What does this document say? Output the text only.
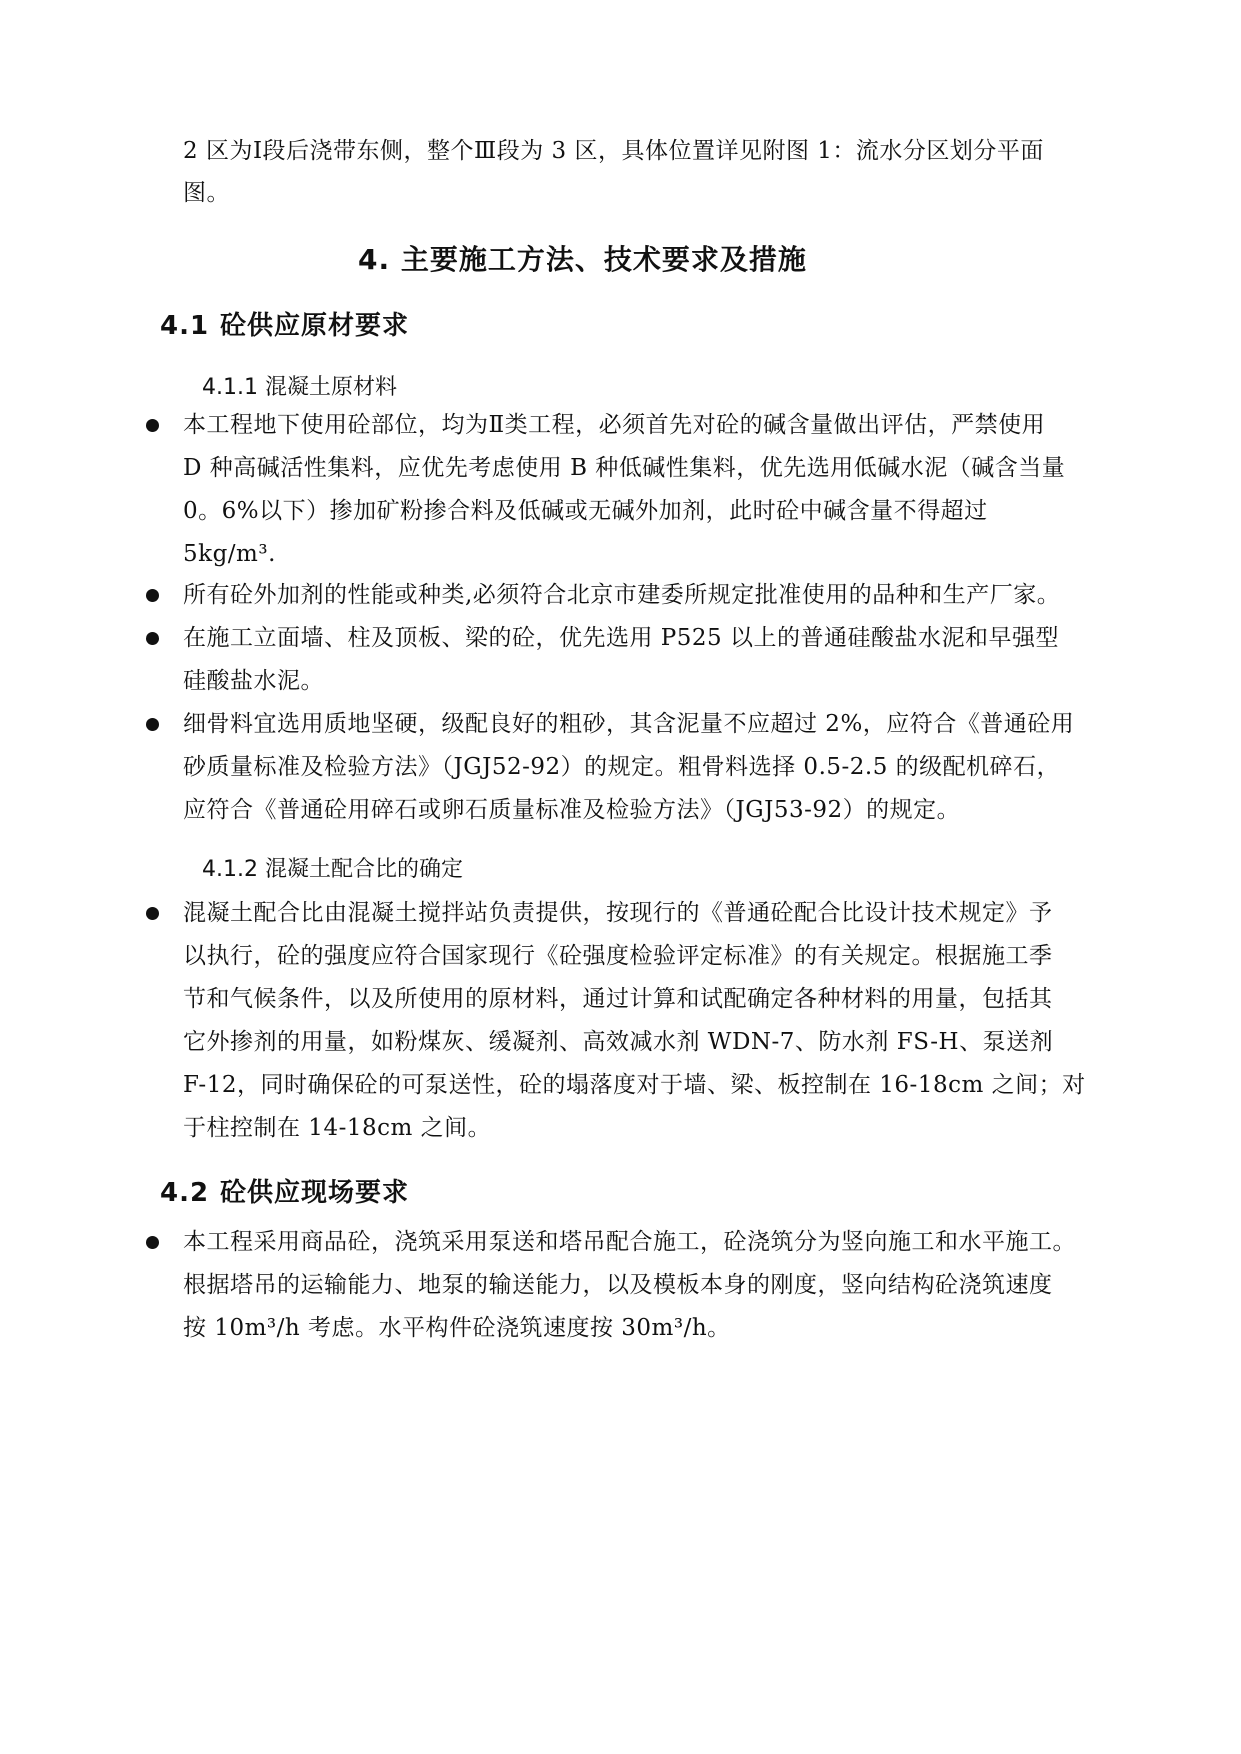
2 区为Ⅰ段后浇带东侧，整个Ⅲ段为 3 区，具体位置详见附图 1：流水分区划分平面
图。
4. 主要施工方法、技术要求及措施
4.1 砼供应原材要求
4.1.1 混凝土原材料
本工程地下使用砼部位，均为Ⅱ类工程，必须首先对砼的碱含量做出评估，严禁使用
D 种高碱活性集料，应优先考虑使用 B 种低碱性集料，优先选用低碱水泥（碱含当量
0。6%以下）掺加矿粉掺合料及低碱或无碱外加剂，此时砼中碱含量不得超过
5kg/m³.
所有砼外加剂的性能或种类,必须符合北京市建委所规定批准使用的品种和生产厂家。
在施工立面墙、柱及顶板、梁的砼，优先选用 P525 以上的普通硅酸盐水泥和早强型
硅酸盐水泥。
细骨料宜选用质地坚硬，级配良好的粗砂，其含泥量不应超过 2%，应符合《普通砼用
砂质量标准及检验方法》（JGJ52-92）的规定。粗骨料选择 0.5-2.5 的级配机碎石，
应符合《普通砼用碎石或卵石质量标准及检验方法》（JGJ53-92）的规定。
4.1.2 混凝土配合比的确定
混凝土配合比由混凝土搅拌站负责提供，按现行的《普通砼配合比设计技术规定》予
以执行，砼的强度应符合国家现行《砼强度检验评定标准》的有关规定。根据施工季
节和气候条件，以及所使用的原材料，通过计算和试配确定各种材料的用量，包括其
它外掺剂的用量，如粉煤灰、缓凝剂、高效减水剂 WDN-7、防水剂 FS-H、泵送剂
F-12，同时确保砼的可泵送性，砼的塌落度对于墙、梁、板控制在 16-18cm 之间；对
于柱控制在 14-18cm 之间。
4.2 砼供应现场要求
本工程采用商品砼，浇筑采用泵送和塔吊配合施工，砼浇筑分为竖向施工和水平施工。
根据塔吊的运输能力、地泵的输送能力，以及模板本身的刚度，竖向结构砼浇筑速度
按 10m³/h 考虑。水平构件砼浇筑速度按 30m³/h。
